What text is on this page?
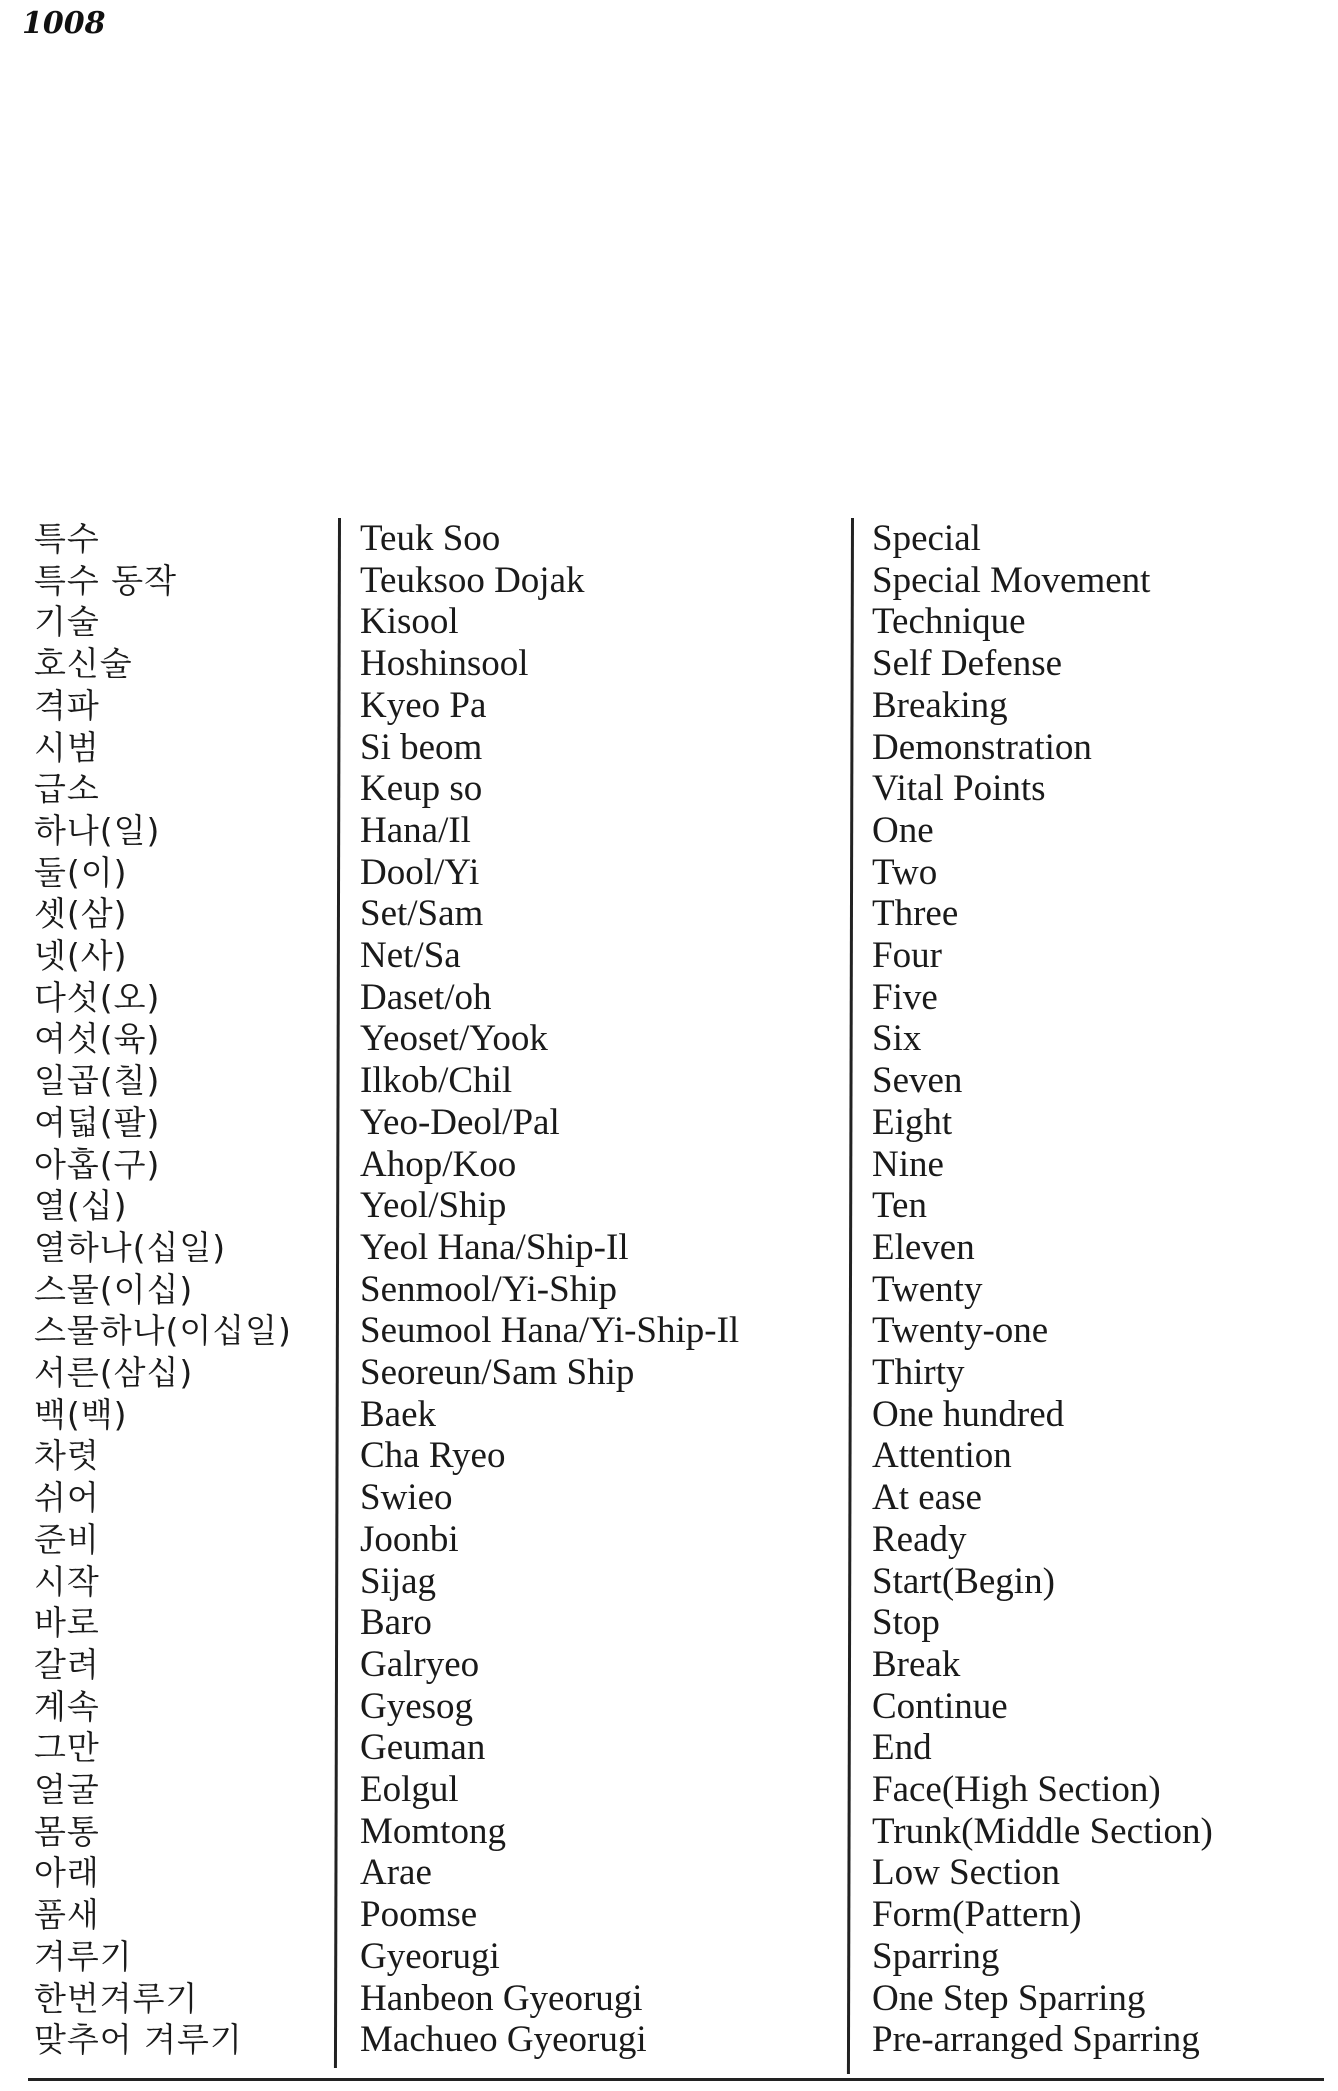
1008
특수	Teuk Soo	Special
특수 동작	Teuksoo Dojak	Special Movement
기술	Kisool	Technique
호신술	Hoshinsool	Self Defense
격파	Kyeo Pa	Breaking
시범	Si beom	Demonstration
급소	Keup so	Vital Points
하나(일)	Hana/Il	One
둘(이)	Dool/Yi	Two
셋(삼)	Set/Sam	Three
넷(사)	Net/Sa	Four
다섯(오)	Daset/oh	Five
여섯(육)	Yeoset/Yook	Six
일곱(칠)	Ilkob/Chil	Seven
여덟(팔)	Yeo-Deol/Pal	Eight
아홉(구)	Ahop/Koo	Nine
열(십)	Yeol/Ship	Ten
열하나(십일)	Yeol Hana/Ship-Il	Eleven
스물(이십)	Senmool/Yi-Ship	Twenty
스물하나(이십일) Seumool Hana/Yi-Ship-Il	Twenty-one
서른(삼십)	Seoreun/Sam Ship	Thirty
백(백)	Baek	One hundred
차렷	Cha Ryeo	Attention
쉬어	Swieo	At ease
준비	Joonbi	Ready
시작	Sijag	Start(Begin)
바로	Baro	Stop
갈려	Galryeo	Break
계속	Gyesog	Continue
그만	Geuman	End
얼굴	Eolgul	Face(High Section)
몸통	Momtong	Trunk(Middle Section)
아래	Arae	Low Section
품새	Poomse	Form(Pattern)
겨루기	Gyeorugi	Sparring
한번겨루기	Hanbeon Gyeorugi	One Step Sparring
맞추어 겨루기	Machueo Gyeorugi	Pre-arranged Sparring
